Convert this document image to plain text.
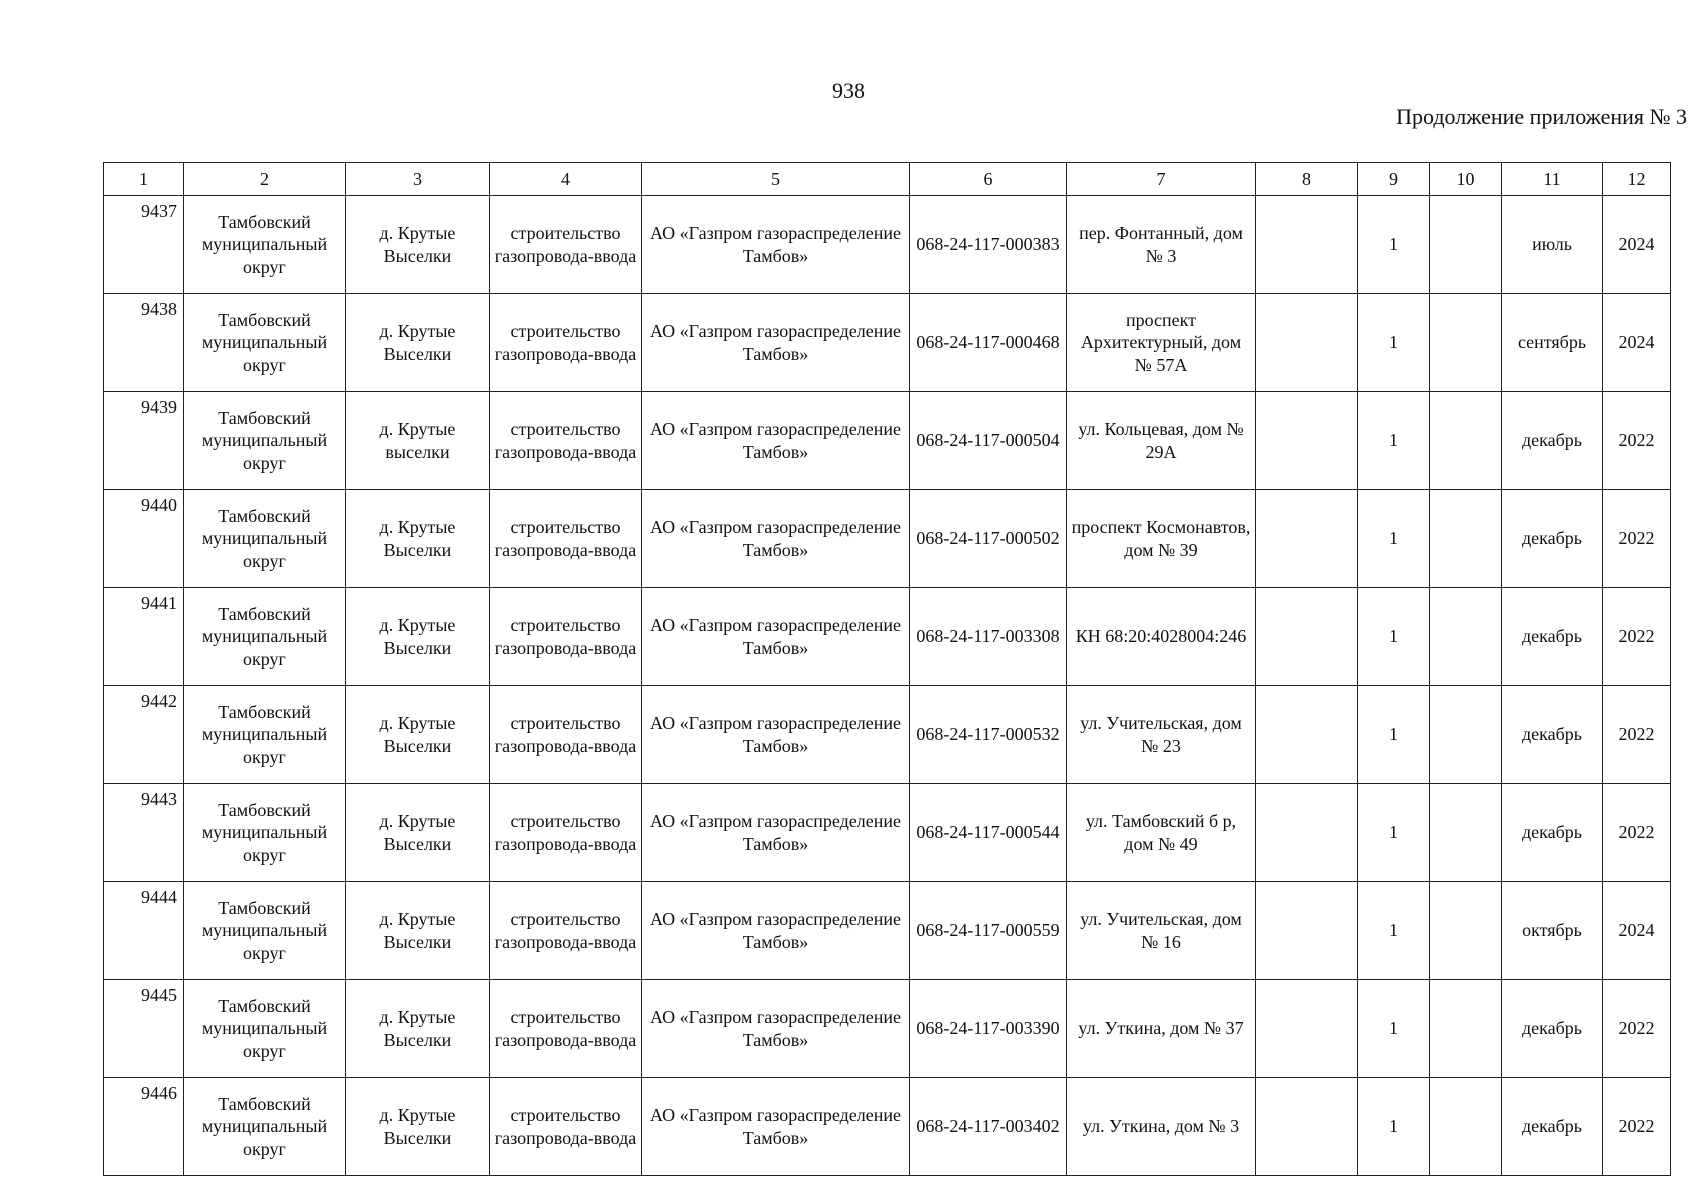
938
Продолжение приложения № 3
1	2	3	4	5	6	7	8	9	10	11	12
9437	Тамбовский муниципальный округ	д. Крутые Выселки	строительство газопровода-ввода	АО «Газпром газораспределение Тамбов»	068-24-117-000383	пер. Фонтанный, дом № 3		1		июль	2024
9438	Тамбовский муниципальный округ	д. Крутые Выселки	строительство газопровода-ввода	АО «Газпром газораспределение Тамбов»	068-24-117-000468	проспект Архитектурный, дом № 57А		1		сентябрь	2024
9439	Тамбовский муниципальный округ	д. Крутые выселки	строительство газопровода-ввода	АО «Газпром газораспределение Тамбов»	068-24-117-000504	ул. Кольцевая, дом № 29А		1		декабрь	2022
9440	Тамбовский муниципальный округ	д. Крутые Выселки	строительство газопровода-ввода	АО «Газпром газораспределение Тамбов»	068-24-117-000502	проспект Космонавтов, дом № 39		1		декабрь	2022
9441	Тамбовский муниципальный округ	д. Крутые Выселки	строительство газопровода-ввода	АО «Газпром газораспределение Тамбов»	068-24-117-003308	КН 68:20:4028004:246		1		декабрь	2022
9442	Тамбовский муниципальный округ	д. Крутые Выселки	строительство газопровода-ввода	АО «Газпром газораспределение Тамбов»	068-24-117-000532	ул. Учительская, дом № 23		1		декабрь	2022
9443	Тамбовский муниципальный округ	д. Крутые Выселки	строительство газопровода-ввода	АО «Газпром газораспределение Тамбов»	068-24-117-000544	ул. Тамбовский б р, дом № 49		1		декабрь	2022
9444	Тамбовский муниципальный округ	д. Крутые Выселки	строительство газопровода-ввода	АО «Газпром газораспределение Тамбов»	068-24-117-000559	ул. Учительская, дом № 16		1		октябрь	2024
9445	Тамбовский муниципальный округ	д. Крутые Выселки	строительство газопровода-ввода	АО «Газпром газораспределение Тамбов»	068-24-117-003390	ул. Уткина, дом № 37		1		декабрь	2022
9446	Тамбовский муниципальный округ	д. Крутые Выселки	строительство газопровода-ввода	АО «Газпром газораспределение Тамбов»	068-24-117-003402	ул. Уткина, дом № 3		1		декабрь	2022
